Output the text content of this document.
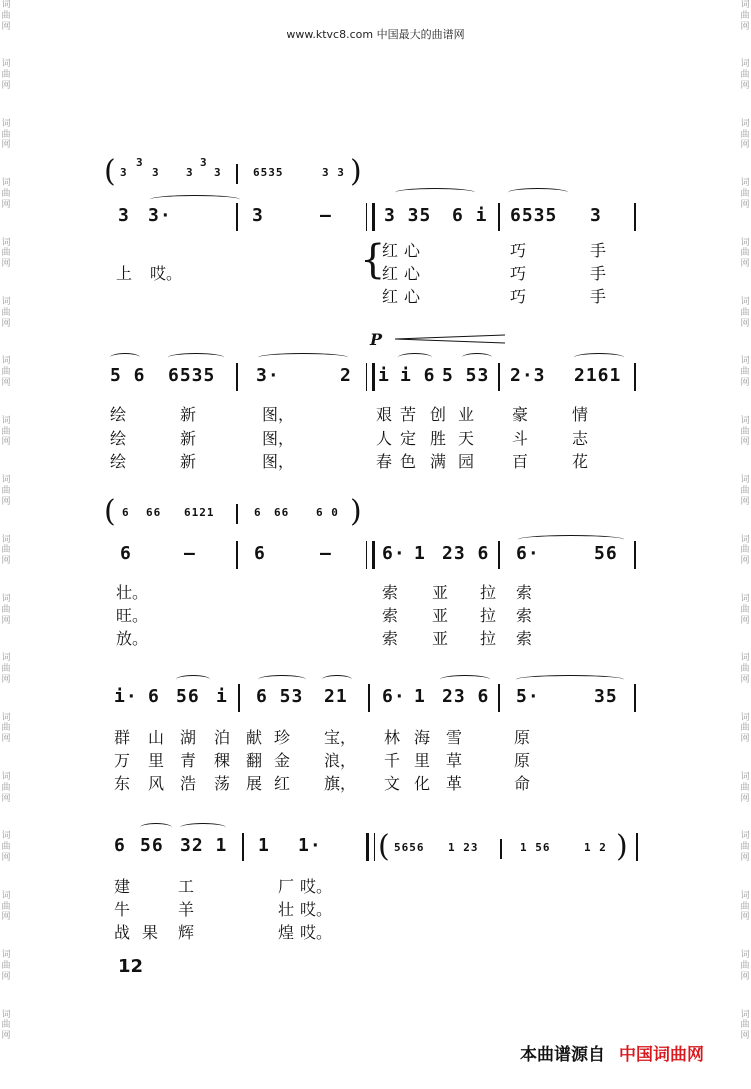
词
曲
网
词
曲
网
词
曲
网
词
曲
网
词
曲
网
词
曲
网
词
曲
网
词
曲
网
词
曲
网
词
曲
网
词
曲
网
词
曲
网
词
曲
网
词
曲
网
词
曲
网
词
曲
网
词
曲
网
词
曲
网
词
曲
网
词
曲
网
词
曲
网
词
曲
网
词
曲
网
词
曲
网
词
曲
网
词
曲
网
词
曲
网
词
曲
网
词
曲
网
词
曲
网
词
曲
网
词
曲
网
词
曲
网
词
曲
网
词
曲
网
词
曲
网
www.ktvc8.com 中国最大的曲谱网
( 3
3
3 3
3
3	6535	3 3 )
3 3·	3	—	3 35 6 i 6535 3
{
红 心	巧	手
上 哎。	红 心	巧	手
红 心	巧	手
P
5 6 6535 3·	2 i i 6 5 53 2·3 2161
绘	新	图，	艰 苦 创 业 豪	情
绘	新	图，	人 定 胜 天 斗	志
绘	新	图，	春 色 满 园 百	花
( 6 66 6121	6 66 6 0 )
6	—	6	—	6· 1 23 6 6·	56
壮。	索 亚 拉 索
旺。	索 亚 拉 索
放。	索 亚 拉 索
i· 6 56 i 6 53 21 6· 1 23 6 5·	35
群 山 湖 泊 献 珍 宝， 林 海 雪	原
万 里 青 稞 翻 金 浪， 千 里 草	原
东 风 浩 荡 展 红 旗， 文 化 革	命
6 56 32 1 1 1· ( 5656 1 23	1 56	1 2 )
建	工	厂 哎。
牛	羊	壮 哎。
战 果 辉	煌 哎。
12
本曲谱源自 中国词曲网
